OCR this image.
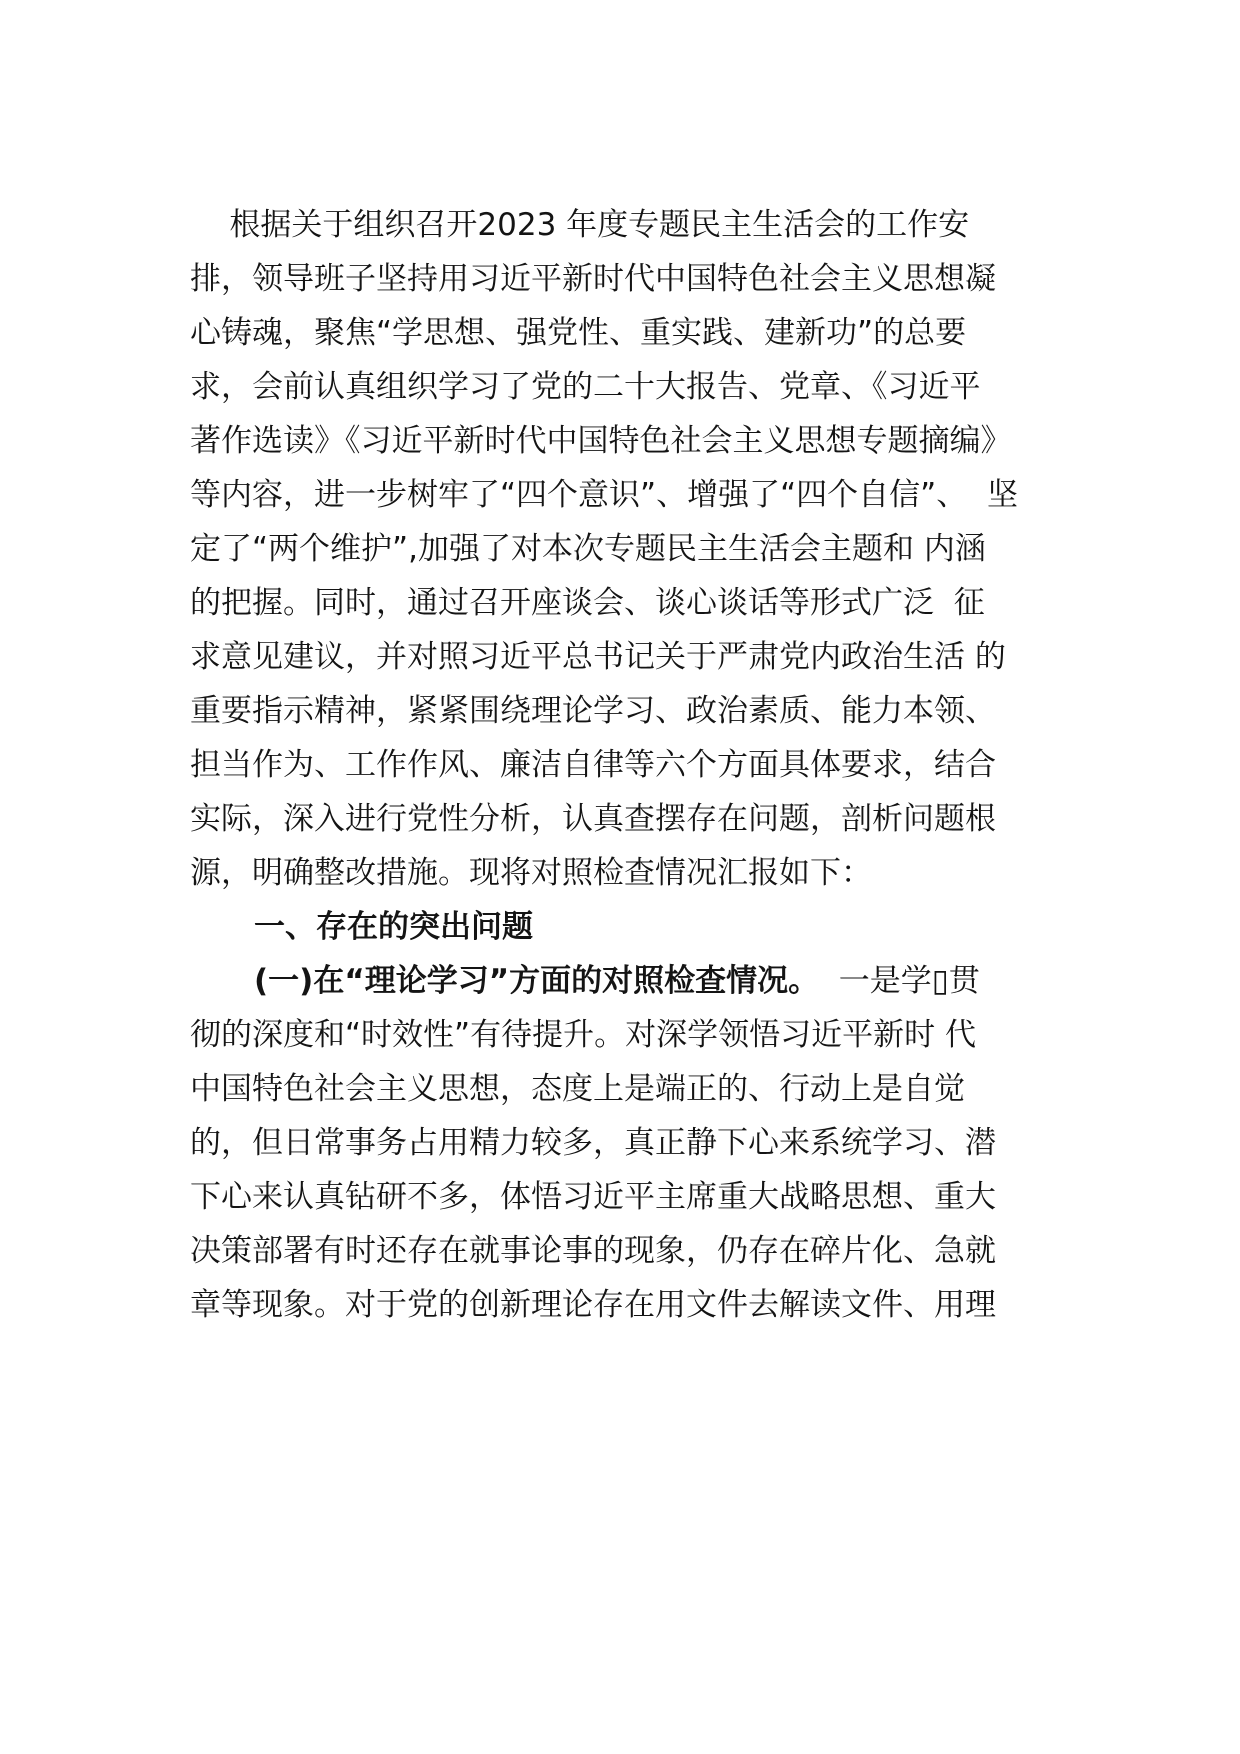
根据关于组织召开2023 年度专题民主生活会的工作安
排，领导班子坚持用习近平新时代中国特色社会主义思想凝
心铸魂，聚焦“学思想、强党性、重实践、建新功”的总要
求，会前认真组织学习了党的二十大报告、党章、《习近平
著作选读》《习近平新时代中国特色社会主义思想专题摘编》
等内容，进一步树牢了“四个意识”、增强了“四个自信”、  坚
定了“两个维护”,加强了对本次专题民主生活会主题和 内涵
的把握。同时，通过召开座谈会、谈心谈话等形式广泛  征
求意见建议，并对照习近平总书记关于严肃党内政治生活 的
重要指示精神，紧紧围绕理论学习、政治素质、能力本领、
担当作为、工作作风、廉洁自律等六个方面具体要求，结合
实际，深入进行党性分析，认真查摆存在问题，剖析问题根
源，明确整改措施。现将对照检查情况汇报如下：
一、存在的突出问题
(一)在“理论学习”方面的对照检查情况。  一是学▯贯
彻的深度和“时效性”有待提升。对深学领悟习近平新时 代
中国特色社会主义思想，态度上是端正的、行动上是自觉
的，但日常事务占用精力较多，真正静下心来系统学习、潜
下心来认真钻研不多，体悟习近平主席重大战略思想、重大
决策部署有时还存在就事论事的现象，仍存在碎片化、急就
章等现象。对于党的创新理论存在用文件去解读文件、用理
